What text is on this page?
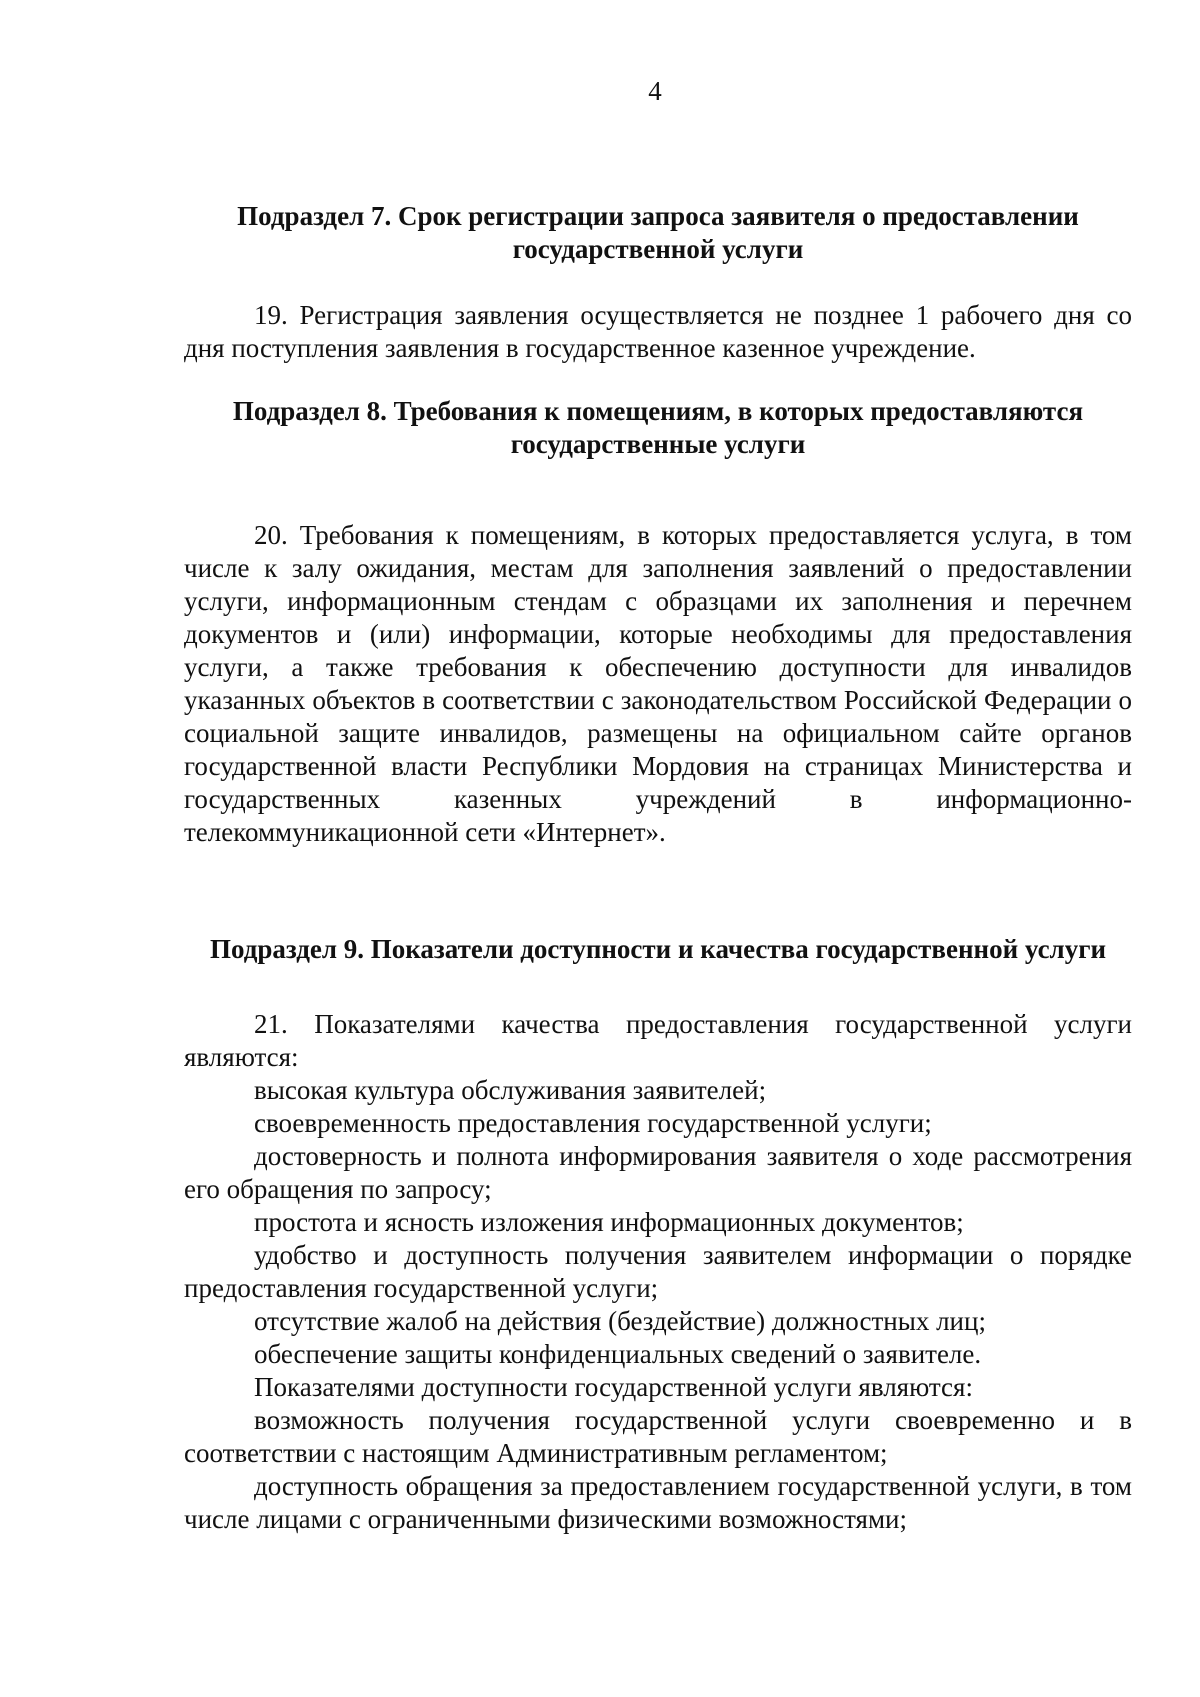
4

Подраздел 7. Срок регистрации запроса заявителя о предоставлении государственной услуги

19. Регистрация заявления осуществляется не позднее 1 рабочего дня со дня поступления заявления в государственное казенное учреждение.

Подраздел 8. Требования к помещениям, в которых предоставляются государственные услуги

20. Требования к помещениям, в которых предоставляется услуга, в том числе к залу ожидания, местам для заполнения заявлений о предоставлении услуги, информационным стендам с образцами их заполнения и перечнем документов и (или) информации, которые необходимы для предоставления услуги, а также требования к обеспечению доступности для инвалидов указанных объектов в соответствии с законодательством Российской Федерации о социальной защите инвалидов, размещены на официальном сайте органов государственной власти Республики Мордовия на страницах Министерства и государственных казенных учреждений в информационно-телекоммуникационной сети «Интернет».

Подраздел 9. Показатели доступности и качества государственной услуги

21. Показателями качества предоставления государственной услуги являются:

высокая культура обслуживания заявителей;

своевременность предоставления государственной услуги;

достоверность и полнота информирования заявителя о ходе рассмотрения его обращения по запросу;

простота и ясность изложения информационных документов;

удобство и доступность получения заявителем информации о порядке предоставления государственной услуги;

отсутствие жалоб на действия (бездействие) должностных лиц;

обеспечение защиты конфиденциальных сведений о заявителе.

Показателями доступности государственной услуги являются:

возможность получения государственной услуги своевременно и в соответствии с настоящим Административным регламентом;

доступность обращения за предоставлением государственной услуги, в том числе лицами с ограниченными физическими возможностями;
